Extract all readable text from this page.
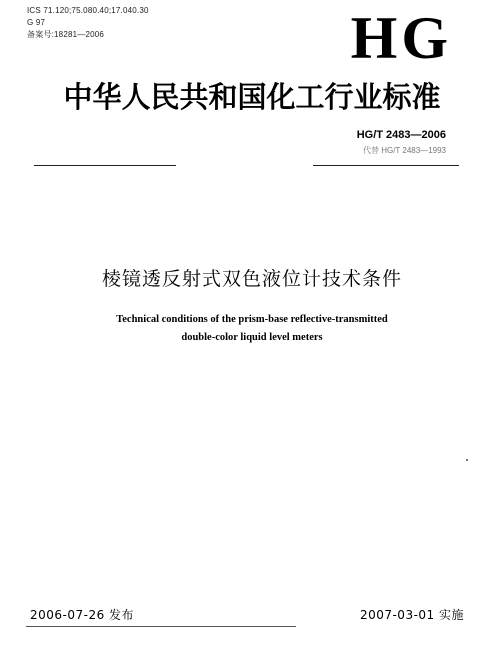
ICS 71.120;75.080.40;17.040.30
G 97
备案号:18281—2006	HG
中华人民共和国化工行业标准
HG/T 2483—2006
代替 HG/T 2483—1993
棱镜透反射式双色液位计技术条件
Technical conditions of the prism-base reflective-transmitted
double-color liquid level meters
2006-07-26 发布	2007-03-01 实施
